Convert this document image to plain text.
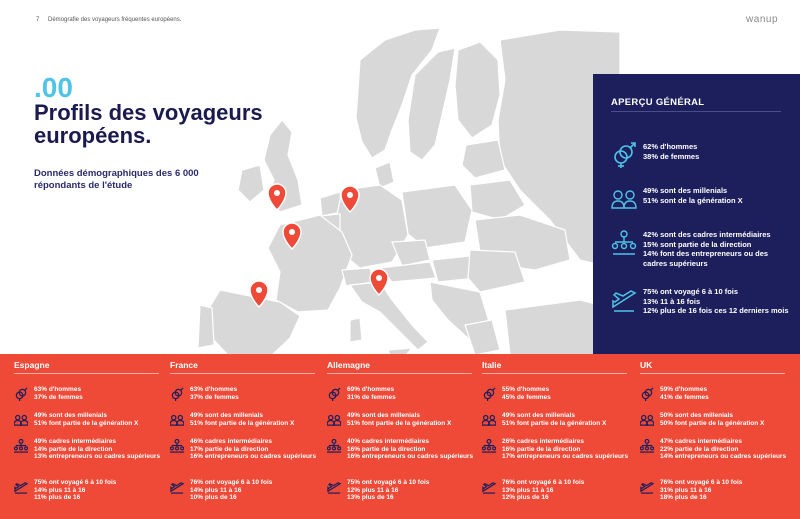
7 Démografie des voyageurs fréquentes européens.	wanup
.00
Profils des voyageurs européens.
Données démographiques des 6 000 répondants de l'étude
APERÇU GÉNÉRAL
62% d'hommes
38% de femmes
49% sont des millenials
51% sont de la génération X
42% sont des cadres intermédiaires
15% sont partie de la direction
14% font des entrepreneurs ou des cadres supérieurs
75% ont voyagé 6 à 10 fois
13% 11 à 16 fois
12% plus de 16 fois ces 12 derniers mois
Espagne
63% d'hommes
37% de femmes
49% sont des millenials
51% font partie de la génération X
49% cadres intermédiaires
14% partie de la direction
13% entrepreneurs ou cadres supérieurs
75% ont voyagé 6 à 10 fois
14% plus 11 à 16
11% plus de 16
France
63% d'hommes
37% de femmes
49% sont des millenials
51% font partie de la génération X
46% cadres intermédiaires
17% partie de la direction
16% entrepreneurs ou cadres supérieurs
76% ont voyagé 6 à 10 fois
14% plus 11 à 16
10% plus de 16
Allemagne
69% d'hommes
31% de femmes
49% sont des millenials
51% font partie de la génération X
40% cadres intermédiaires
16% partie de la direction
16% entrepreneurs ou cadres supérieurs
75% ont voyagé 6 à 10 fois
12% plus 11 à 16
13% plus de 16
Italie
55% d'hommes
45% de femmes
49% sont des millenials
51% font partie de la génération X
26% cadres intermédiaires
16% partie de la direction
17% entrepreneurs ou cadres supérieurs
76% ont voyagé 6 à 10 fois
13% plus 11 à 16
12% plus de 16
UK
59% d'hommes
41% de femmes
50% sont des millenials
50% font partie de la génération X
47% cadres intermédiaires
22% partie de la direction
14% entrepreneurs ou cadres supérieurs
76% ont voyagé 6 à 10 fois
31% plus 11 à 16
18% plus de 16
